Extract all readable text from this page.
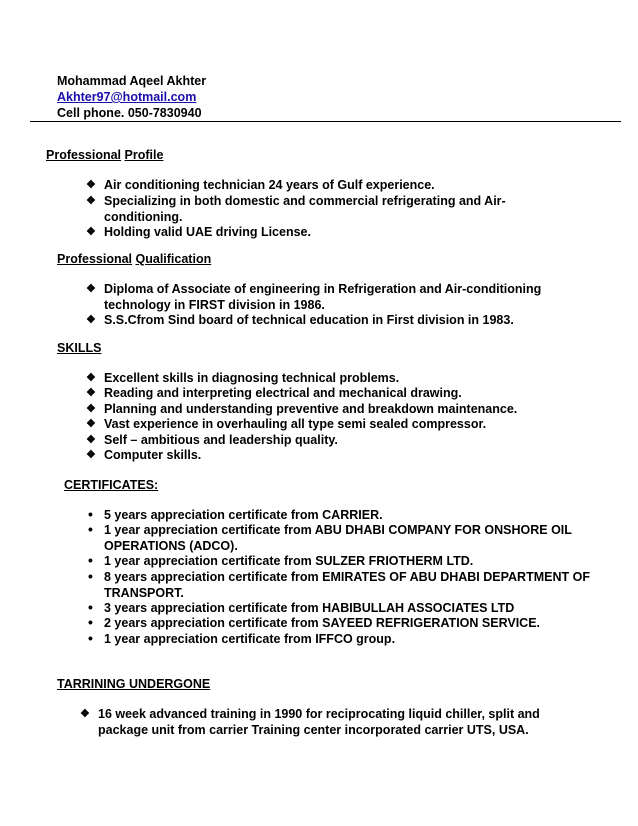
Mohammad Aqeel Akhter
Akhter97@hotmail.com
Cell phone. 050-7830940
Professional Profile
❖ Air conditioning technician 24 years of Gulf experience.
❖ Specializing in both domestic and commercial refrigerating and Air-conditioning.
❖ Holding valid UAE driving License.
Professional Qualification
❖ Diploma of Associate of engineering in Refrigeration and Air-conditioning technology in FIRST division in 1986.
❖ S.S.Cfrom Sind board of technical education in First division in 1983.
SKILLS
❖ Excellent skills in diagnosing technical problems.
❖ Reading and interpreting electrical and mechanical drawing.
❖ Planning and understanding preventive and breakdown maintenance.
❖ Vast experience in overhauling all type semi sealed compressor.
❖ Self – ambitious and leadership quality.
❖ Computer skills.
CERTIFICATES:
• 5 years appreciation certificate from CARRIER.
• 1 year appreciation certificate from ABU DHABI COMPANY FOR ONSHORE OIL OPERATIONS (ADCO).
• 1 year appreciation certificate from SULZER FRIOTHERM LTD.
• 8 years appreciation certificate from EMIRATES OF ABU DHABI DEPARTMENT OF TRANSPORT.
• 3 years appreciation certificate from HABIBULLAH ASSOCIATES LTD
• 2 years appreciation certificate from SAYEED REFRIGERATION SERVICE.
• 1 year appreciation certificate from IFFCO group.
TARRINING UNDERGONE
❖ 16 week advanced training in 1990 for reciprocating liquid chiller, split and package unit from carrier Training center incorporated carrier UTS, USA.
